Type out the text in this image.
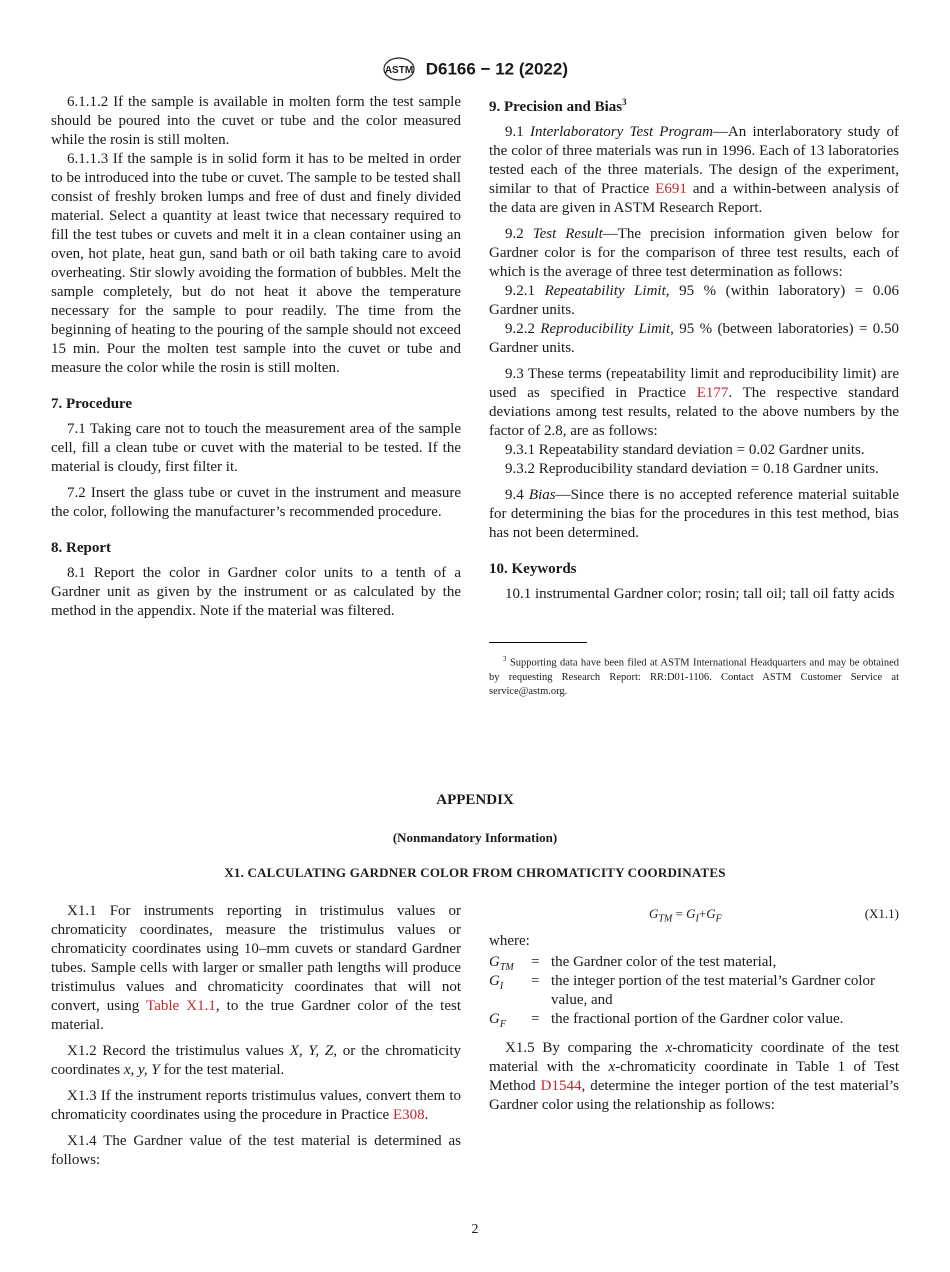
ASTM D6166 − 12 (2022)

6.1.1.2 If the sample is available in molten form the test sample should be poured into the cuvet or tube and the color measured while the rosin is still molten.

6.1.1.3 If the sample is in solid form it has to be melted in order to be introduced into the tube or cuvet. The sample to be tested shall consist of freshly broken lumps and free of dust and finely divided material. Select a quantity at least twice that necessary required to fill the test tubes or cuvets and melt it in a clean container using an oven, hot plate, heat gun, sand bath or oil bath taking care to avoid overheating. Stir slowly avoiding the formation of bubbles. Melt the sample completely, but do not heat it above the temperature necessary for the sample to pour readily. The time from the beginning of heating to the pouring of the sample should not exceed 15 min. Pour the molten test sample into the cuvet or tube and measure the color while the rosin is still molten.

7. Procedure

7.1 Taking care not to touch the measurement area of the sample cell, fill a clean tube or cuvet with the material to be tested. If the material is cloudy, first filter it.

7.2 Insert the glass tube or cuvet in the instrument and measure the color, following the manufacturer’s recommended procedure.

8. Report

8.1 Report the color in Gardner color units to a tenth of a Gardner unit as given by the instrument or as calculated by the method in the appendix. Note if the material was filtered.

9. Precision and Bias$^3$

9.1 Interlaboratory Test Program—An interlaboratory study of the color of three materials was run in 1996. Each of 13 laboratories tested each of the three materials. The design of the experiment, similar to that of Practice E691 and a within-between analysis of the data are given in ASTM Research Report.

9.2 Test Result—The precision information given below for Gardner color is for the comparison of three test results, each of which is the average of three test determination as follows:

9.2.1 Repeatability Limit, 95 % (within laboratory) = 0.06 Gardner units.

9.2.2 Reproducibility Limit, 95 % (between laboratories) = 0.50 Gardner units.

9.3 These terms (repeatability limit and reproducibility limit) are used as specified in Practice E177. The respective standard deviations among test results, related to the above numbers by the factor of 2.8, are as follows:

9.3.1 Repeatability standard deviation = 0.02 Gardner units.

9.3.2 Reproducibility standard deviation = 0.18 Gardner units.

9.4 Bias—Since there is no accepted reference material suitable for determining the bias for the procedures in this test method, bias has not been determined.

10. Keywords

10.1 instrumental Gardner color; rosin; tall oil; tall oil fatty acids

$^3$ Supporting data have been filed at ASTM International Headquarters and may be obtained by requesting Research Report: RR:D01-1106. Contact ASTM Customer Service at service@astm.org.

APPENDIX
(Nonmandatory Information)
X1. CALCULATING GARDNER COLOR FROM CHROMATICITY COORDINATES

X1.1 For instruments reporting in tristimulus values or chromaticity coordinates, measure the tristimulus values or chromaticity coordinates using 10–mm cuvets or standard Gardner tubes. Sample cells with larger or smaller path lengths will produce tristimulus values and chromaticity coordinates that will not convert, using Table X1.1, to the true Gardner color of the test material.

X1.2 Record the tristimulus values X, Y, Z, or the chromaticity coordinates x, y, Y for the test material.

X1.3 If the instrument reports tristimulus values, convert them to chromaticity coordinates using the procedure in Practice E308.

X1.4 The Gardner value of the test material is determined as follows:

$G_{TM} = G_I+G_F$	(X1.1)

where:

$G_{TM}$	=	the Gardner color of the test material,
$G_I$	=	the integer portion of the test material’s Gardner color value, and
$G_F$	=	the fractional portion of the Gardner color value.

X1.5 By comparing the x-chromaticity coordinate of the test material with the x-chromaticity coordinate in Table 1 of Test Method D1544, determine the integer portion of the test material’s Gardner color using the relationship as follows:

2
